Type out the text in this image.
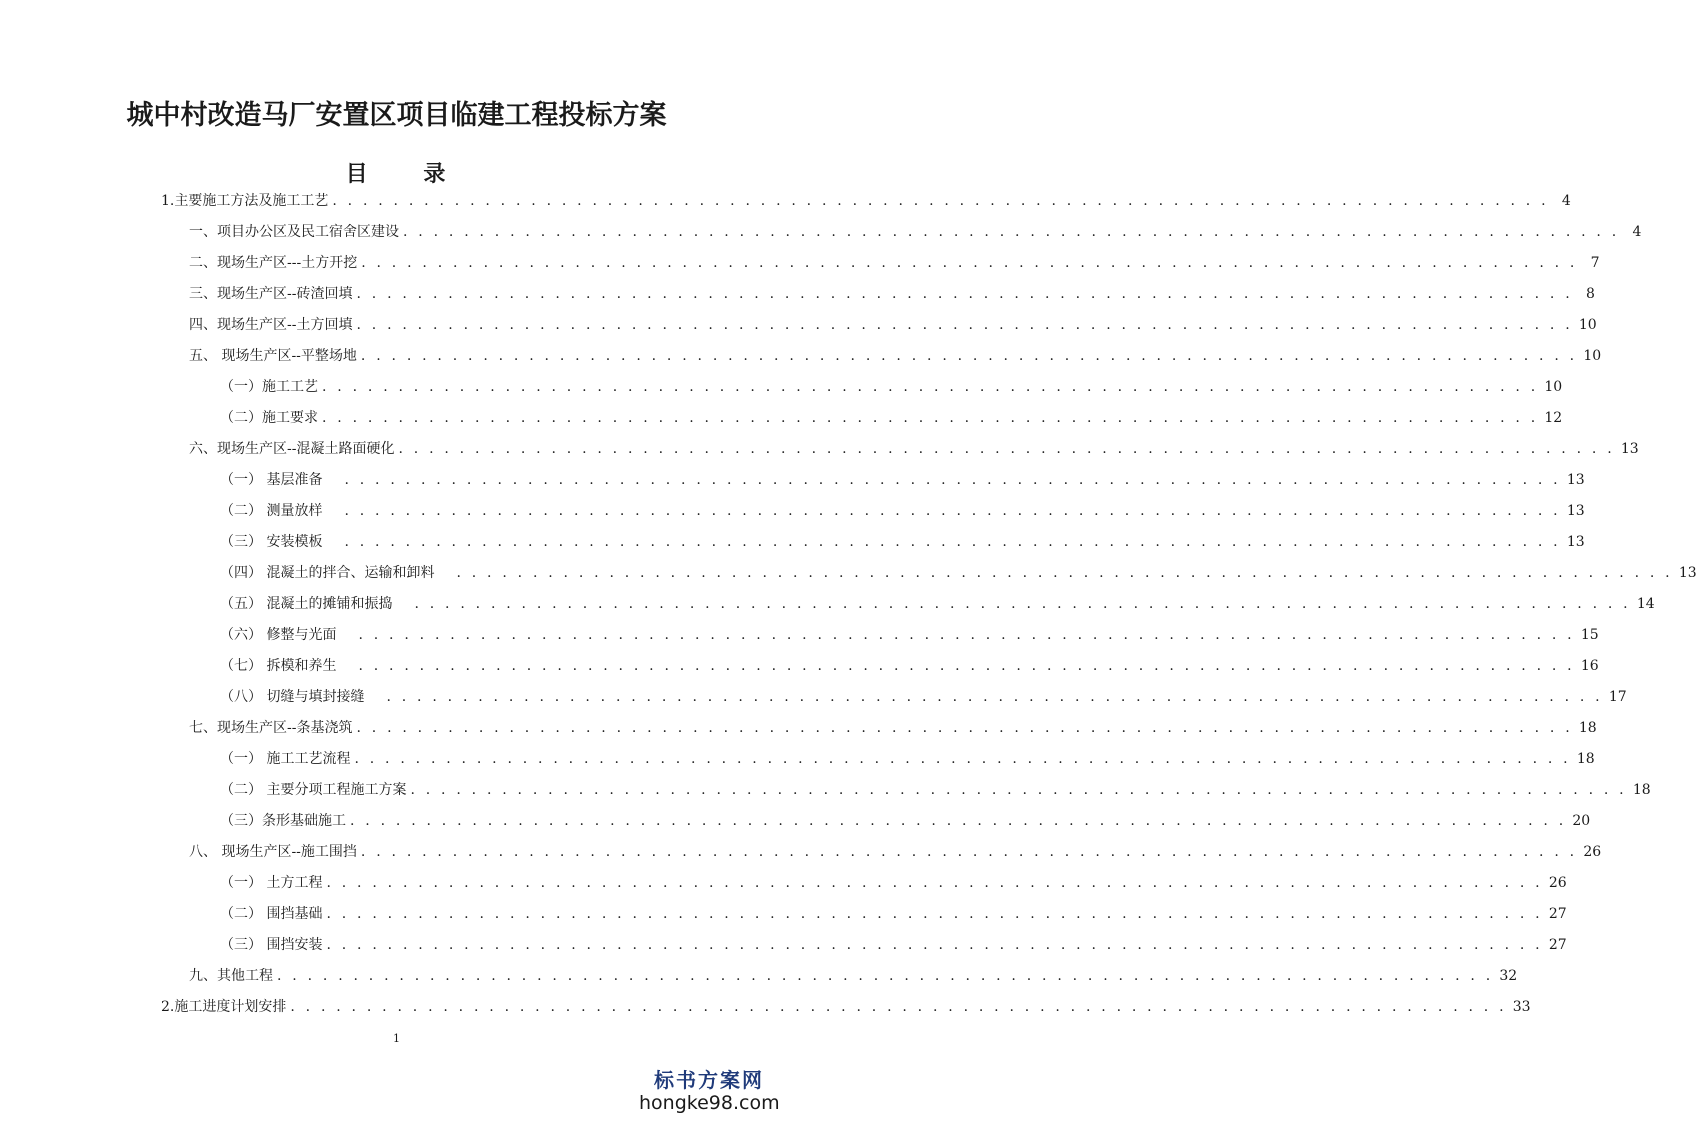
城中村改造马厂安置区项目临建工程投标方案
目 录
1.主要施工方法及施工工艺 . . . . . . . . . . . . . . . . . . . . . . . . . . . . . . . . . . . . . . . . . . . . . . . . . . . . . . . . . . . . . . . . . . . . . . . . . . . . . . . . 4
一、项目办公区及民工宿舍区建设 . . . . . . . . . . . . . . . . . . . . . . . . . . . . . . . . . . . . . . . . . . . . . . . . . . . . . . . . . . . . . . . . . . . . . . . . . . . . . . . . 4
二、现场生产区---土方开挖 . . . . . . . . . . . . . . . . . . . . . . . . . . . . . . . . . . . . . . . . . . . . . . . . . . . . . . . . . . . . . . . . . . . . . . . . . . . . . . . . 7
三、现场生产区--砖渣回填 . . . . . . . . . . . . . . . . . . . . . . . . . . . . . . . . . . . . . . . . . . . . . . . . . . . . . . . . . . . . . . . . . . . . . . . . . . . . . . . . 8
四、现场生产区--土方回填 . . . . . . . . . . . . . . . . . . . . . . . . . . . . . . . . . . . . . . . . . . . . . . . . . . . . . . . . . . . . . . . . . . . . . . . . . . . . . . . . 10
五、 现场生产区--平整场地 . . . . . . . . . . . . . . . . . . . . . . . . . . . . . . . . . . . . . . . . . . . . . . . . . . . . . . . . . . . . . . . . . . . . . . . . . . . . . . . . 10
（一）施工工艺 . . . . . . . . . . . . . . . . . . . . . . . . . . . . . . . . . . . . . . . . . . . . . . . . . . . . . . . . . . . . . . . . . . . . . . . . . . . . . . . . 10
（二）施工要求 . . . . . . . . . . . . . . . . . . . . . . . . . . . . . . . . . . . . . . . . . . . . . . . . . . . . . . . . . . . . . . . . . . . . . . . . . . . . . . . . 12
六、现场生产区--混凝土路面硬化 . . . . . . . . . . . . . . . . . . . . . . . . . . . . . . . . . . . . . . . . . . . . . . . . . . . . . . . . . . . . . . . . . . . . . . . . . . . . . . . . 13
（一） 基层准备 . . . . . . . . . . . . . . . . . . . . . . . . . . . . . . . . . . . . . . . . . . . . . . . . . . . . . . . . . . . . . . . . . . . . . . . . . . . . . . . . 13
（二） 测量放样 . . . . . . . . . . . . . . . . . . . . . . . . . . . . . . . . . . . . . . . . . . . . . . . . . . . . . . . . . . . . . . . . . . . . . . . . . . . . . . . . 13
（三） 安装模板 . . . . . . . . . . . . . . . . . . . . . . . . . . . . . . . . . . . . . . . . . . . . . . . . . . . . . . . . . . . . . . . . . . . . . . . . . . . . . . . . 13
（四） 混凝土的拌合、运输和卸料 . . . . . . . . . . . . . . . . . . . . . . . . . . . . . . . . . . . . . . . . . . . . . . . . . . . . . . . . . . . . . . . . . . . . . . . . . . . . . . . . 13
（五） 混凝土的摊铺和振捣 . . . . . . . . . . . . . . . . . . . . . . . . . . . . . . . . . . . . . . . . . . . . . . . . . . . . . . . . . . . . . . . . . . . . . . . . . . . . . . . . 14
（六） 修整与光面 . . . . . . . . . . . . . . . . . . . . . . . . . . . . . . . . . . . . . . . . . . . . . . . . . . . . . . . . . . . . . . . . . . . . . . . . . . . . . . . . 15
（七） 拆模和养生 . . . . . . . . . . . . . . . . . . . . . . . . . . . . . . . . . . . . . . . . . . . . . . . . . . . . . . . . . . . . . . . . . . . . . . . . . . . . . . . . 16
（八） 切缝与填封接缝 . . . . . . . . . . . . . . . . . . . . . . . . . . . . . . . . . . . . . . . . . . . . . . . . . . . . . . . . . . . . . . . . . . . . . . . . . . . . . . . . 17
七、现场生产区--条基浇筑 . . . . . . . . . . . . . . . . . . . . . . . . . . . . . . . . . . . . . . . . . . . . . . . . . . . . . . . . . . . . . . . . . . . . . . . . . . . . . . . . 18
（一） 施工工艺流程 . . . . . . . . . . . . . . . . . . . . . . . . . . . . . . . . . . . . . . . . . . . . . . . . . . . . . . . . . . . . . . . . . . . . . . . . . . . . . . . . 18
（二） 主要分项工程施工方案 . . . . . . . . . . . . . . . . . . . . . . . . . . . . . . . . . . . . . . . . . . . . . . . . . . . . . . . . . . . . . . . . . . . . . . . . . . . . . . . . 18
（三）条形基础施工 . . . . . . . . . . . . . . . . . . . . . . . . . . . . . . . . . . . . . . . . . . . . . . . . . . . . . . . . . . . . . . . . . . . . . . . . . . . . . . . . 20
八、 现场生产区--施工围挡 . . . . . . . . . . . . . . . . . . . . . . . . . . . . . . . . . . . . . . . . . . . . . . . . . . . . . . . . . . . . . . . . . . . . . . . . . . . . . . . . 26
（一） 土方工程 . . . . . . . . . . . . . . . . . . . . . . . . . . . . . . . . . . . . . . . . . . . . . . . . . . . . . . . . . . . . . . . . . . . . . . . . . . . . . . . . 26
（二） 围挡基础 . . . . . . . . . . . . . . . . . . . . . . . . . . . . . . . . . . . . . . . . . . . . . . . . . . . . . . . . . . . . . . . . . . . . . . . . . . . . . . . . 27
（三） 围挡安装 . . . . . . . . . . . . . . . . . . . . . . . . . . . . . . . . . . . . . . . . . . . . . . . . . . . . . . . . . . . . . . . . . . . . . . . . . . . . . . . . 27
九、其他工程 . . . . . . . . . . . . . . . . . . . . . . . . . . . . . . . . . . . . . . . . . . . . . . . . . . . . . . . . . . . . . . . . . . . . . . . . . . . . . . . . 32
2.施工进度计划安排 . . . . . . . . . . . . . . . . . . . . . . . . . . . . . . . . . . . . . . . . . . . . . . . . . . . . . . . . . . . . . . . . . . . . . . . . . . . . . . . . 33
1
标书方案网
hongke98.com
